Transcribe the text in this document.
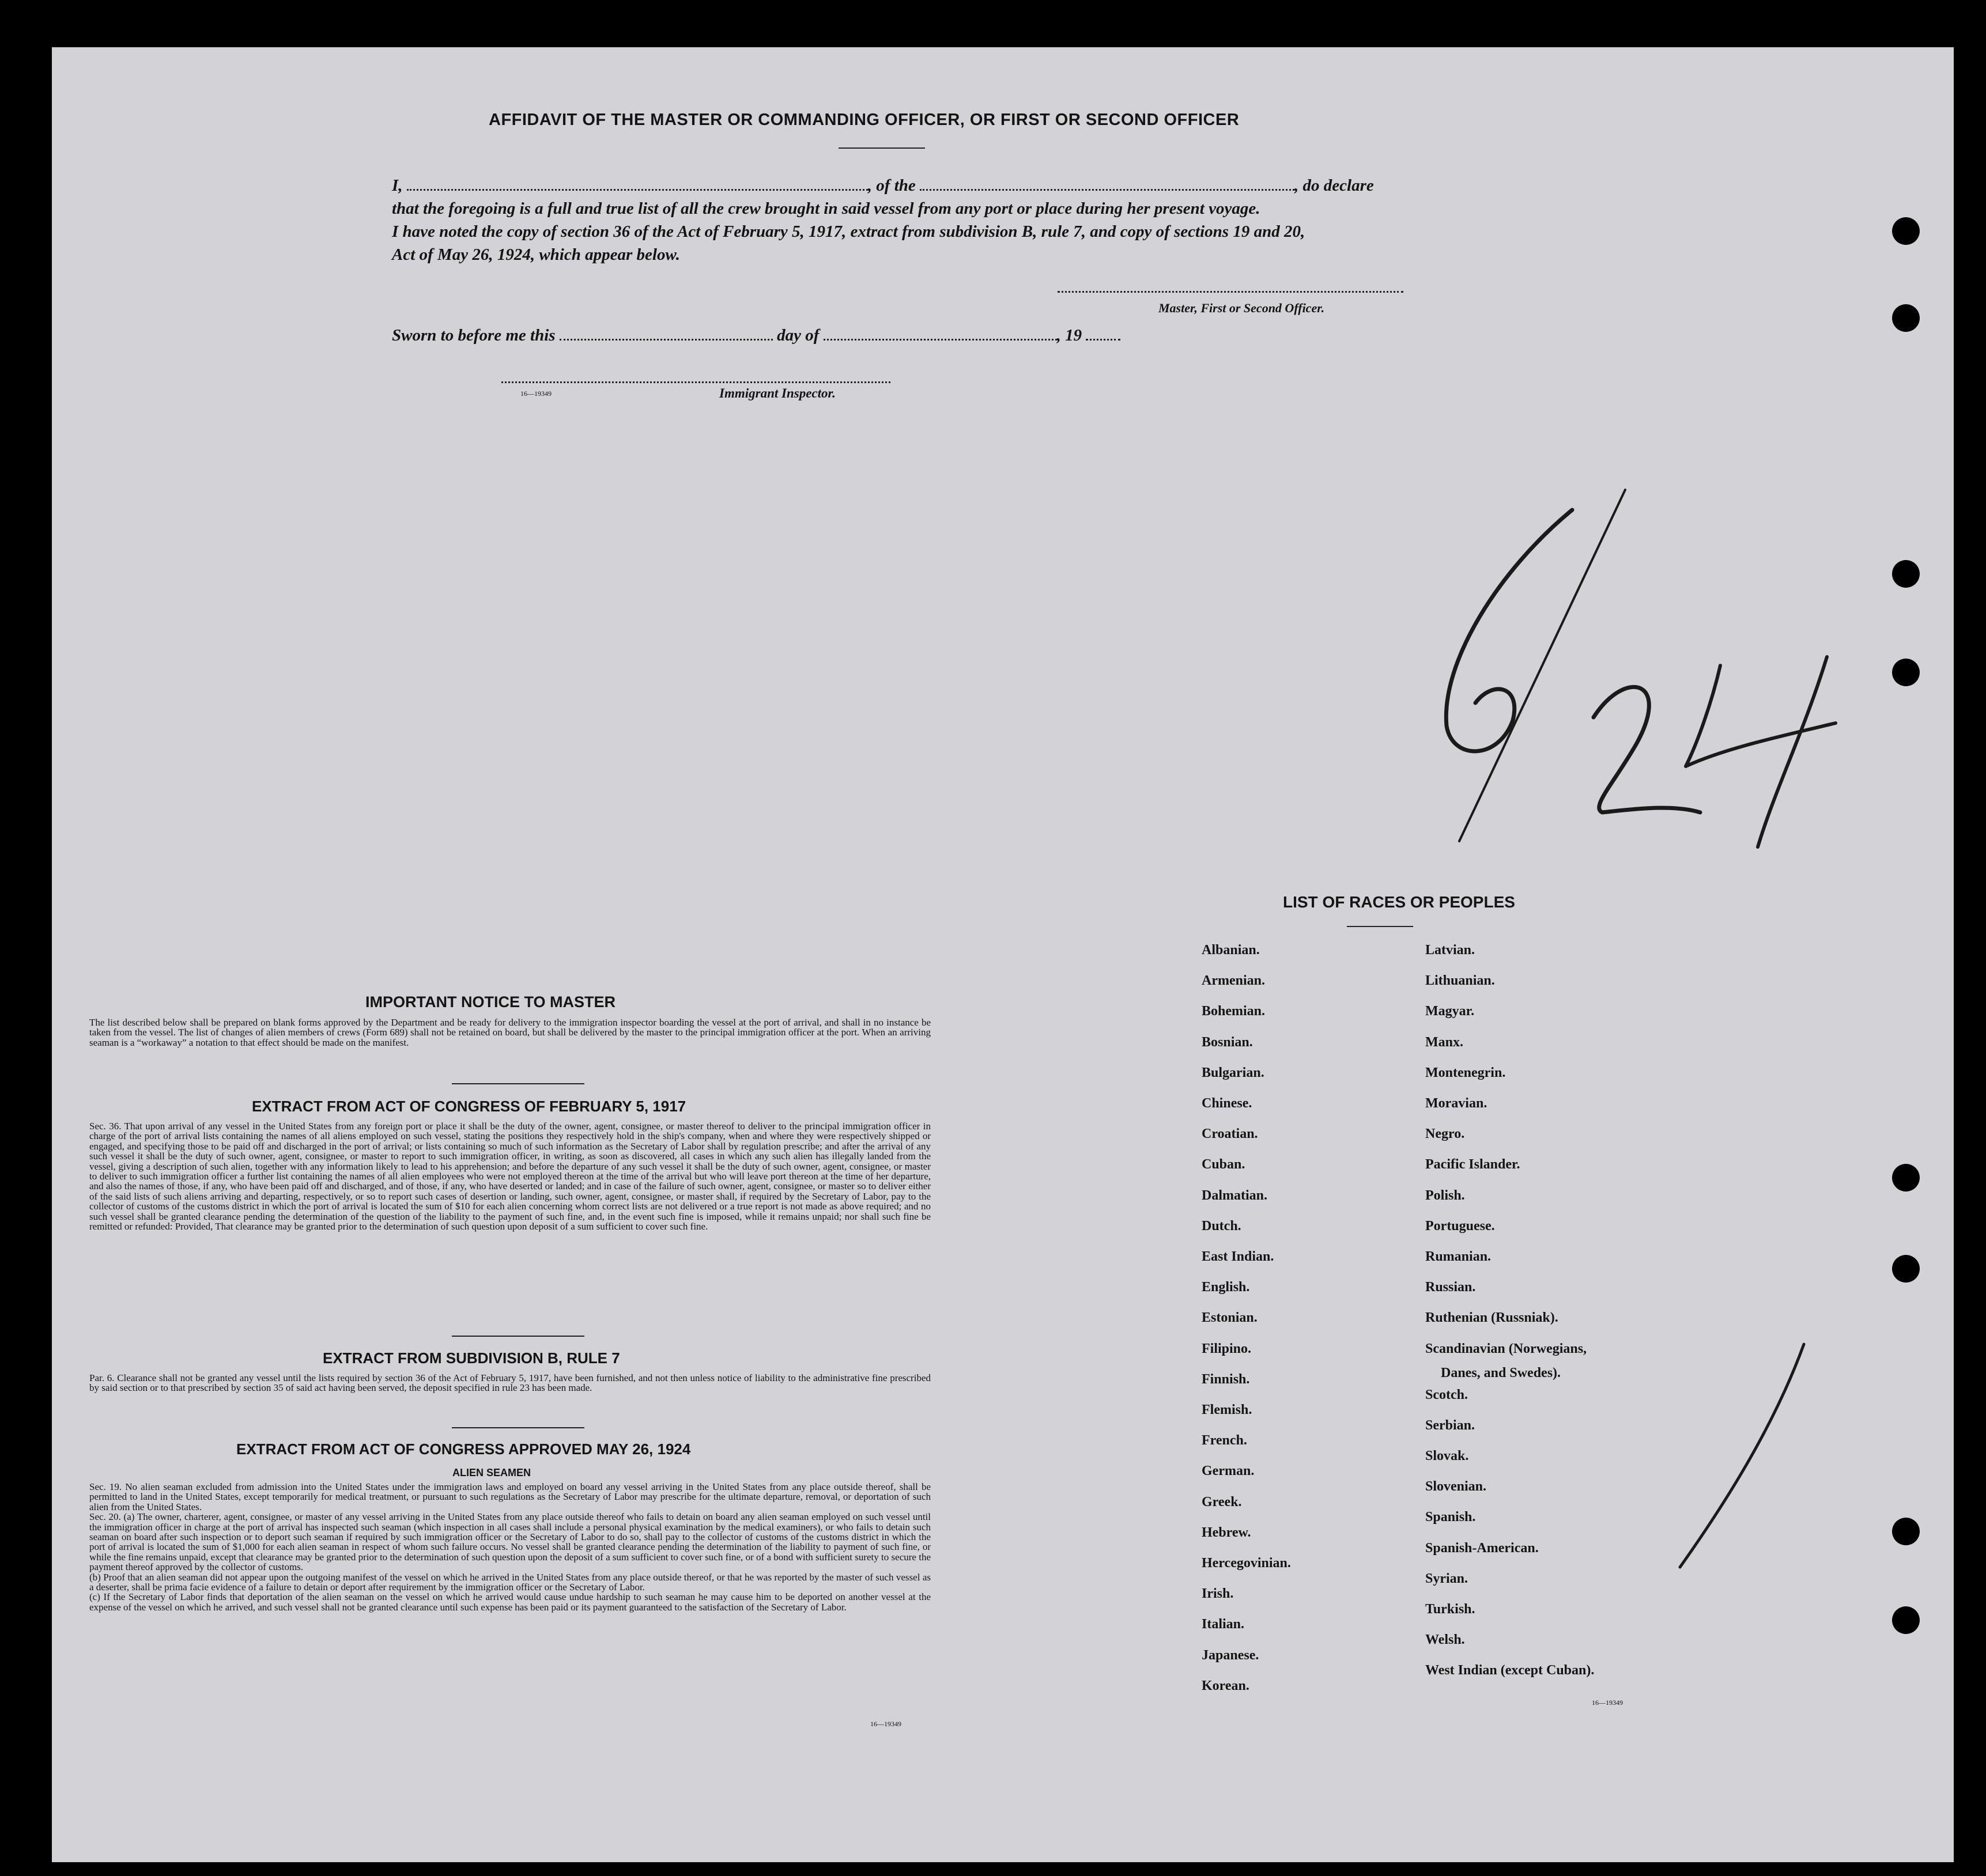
AFFIDAVIT OF THE MASTER OR COMMANDING OFFICER, OR FIRST OR SECOND OFFICER
I,	, of the	, do declare
that the foregoing is a full and true list of all the crew brought in said vessel from any port or place during her present voyage.
I have noted the copy of section 36 of the Act of February 5, 1917, extract from subdivision B, rule 7, and copy of sections 19 and 20,
Act of May 26, 1924, which appear below.
Master, First or Second Officer.
Sworn to before me this	day of	, 19
16—19349	Immigrant Inspector.
IMPORTANT NOTICE TO MASTER
The list described below shall be prepared on blank forms approved by the Department and be ready for delivery to the immigration inspector boarding the vessel at the port of arrival, and shall in no instance be taken from the vessel. The list of changes of alien members of crews (Form 689) shall not be retained on board, but shall be delivered by the master to the principal immigration officer at the port. When an arriving seaman is a “workaway” a notation to that effect should be made on the manifest.
EXTRACT FROM ACT OF CONGRESS OF FEBRUARY 5, 1917
Sec. 36. That upon arrival of any vessel in the United States from any foreign port or place it shall be the duty of the owner, agent, consignee, or master thereof to deliver to the principal immigration officer in charge of the port of arrival lists containing the names of all aliens employed on such vessel, stating the positions they respectively hold in the ship's company, when and where they were respectively shipped or engaged, and specifying those to be paid off and discharged in the port of arrival; or lists containing so much of such information as the Secretary of Labor shall by regulation prescribe; and after the arrival of any such vessel it shall be the duty of such owner, agent, consignee, or master to report to such immigration officer, in writing, as soon as discovered, all cases in which any such alien has illegally landed from the vessel, giving a description of such alien, together with any information likely to lead to his apprehension; and before the departure of any such vessel it shall be the duty of such owner, agent, consignee, or master to deliver to such immigration officer a further list containing the names of all alien employees who were not employed thereon at the time of the arrival but who will leave port thereon at the time of her departure, and also the names of those, if any, who have been paid off and discharged, and of those, if any, who have deserted or landed; and in case of the failure of such owner, agent, consignee, or master so to deliver either of the said lists of such aliens arriving and departing, respectively, or so to report such cases of desertion or landing, such owner, agent, consignee, or master shall, if required by the Secretary of Labor, pay to the collector of customs of the customs district in which the port of arrival is located the sum of $10 for each alien concerning whom correct lists are not delivered or a true report is not made as above required; and no such vessel shall be granted clearance pending the determination of the question of the liability to the payment of such fine, and, in the event such fine is imposed, while it remains unpaid; nor shall such fine be remitted or refunded: Provided, That clearance may be granted prior to the determination of such question upon deposit of a sum sufficient to cover such fine.
EXTRACT FROM SUBDIVISION B, RULE 7
Par. 6. Clearance shall not be granted any vessel until the lists required by section 36 of the Act of February 5, 1917, have been furnished, and not then unless notice of liability to the administrative fine prescribed by said section or to that prescribed by section 35 of said act having been served, the deposit specified in rule 23 has been made.
EXTRACT FROM ACT OF CONGRESS APPROVED MAY 26, 1924
ALIEN SEAMEN
Sec. 19. No alien seaman excluded from admission into the United States under the immigration laws and employed on board any vessel arriving in the United States from any place outside thereof, shall be permitted to land in the United States, except temporarily for medical treatment, or pursuant to such regulations as the Secretary of Labor may prescribe for the ultimate departure, removal, or deportation of such alien from the United States.
Sec. 20. (a) The owner, charterer, agent, consignee, or master of any vessel arriving in the United States from any place outside thereof who fails to detain on board any alien seaman employed on such vessel until the immigration officer in charge at the port of arrival has inspected such seaman (which inspection in all cases shall include a personal physical examination by the medical examiners), or who fails to detain such seaman on board after such inspection or to deport such seaman if required by such immigration officer or the Secretary of Labor to do so, shall pay to the collector of customs of the customs district in which the port of arrival is located the sum of $1,000 for each alien seaman in respect of whom such failure occurs. No vessel shall be granted clearance pending the determination of the liability to payment of such fine, or while the fine remains unpaid, except that clearance may be granted prior to the determination of such question upon the deposit of a sum sufficient to cover such fine, or of a bond with sufficient surety to secure the payment thereof approved by the collector of customs.
(b) Proof that an alien seaman did not appear upon the outgoing manifest of the vessel on which he arrived in the United States from any place outside thereof, or that he was reported by the master of such vessel as a deserter, shall be prima facie evidence of a failure to detain or deport after requirement by the immigration officer or the Secretary of Labor.
(c) If the Secretary of Labor finds that deportation of the alien seaman on the vessel on which he arrived would cause undue hardship to such seaman he may cause him to be deported on another vessel at the expense of the vessel on which he arrived, and such vessel shall not be granted clearance until such expense has been paid or its payment guaranteed to the satisfaction of the Secretary of Labor.
16—19349
LIST OF RACES OR PEOPLES
Albanian.
Armenian.
Bohemian.
Bosnian.
Bulgarian.
Chinese.
Croatian.
Cuban.
Dalmatian.
Dutch.
East Indian.
English.
Estonian.
Filipino.
Finnish.
Flemish.
French.
German.
Greek.
Hebrew.
Hercegovinian.
Irish.
Italian.
Japanese.
Korean.
Latvian.
Lithuanian.
Magyar.
Manx.
Montenegrin.
Moravian.
Negro.
Pacific Islander.
Polish.
Portuguese.
Rumanian.
Russian.
Ruthenian (Russniak).
Scandinavian (Norwegians,
Scotch.
Serbian.
Slovak.
Slovenian.
Spanish.
Spanish-American.
Syrian.
Turkish.
Welsh.
West Indian (except Cuban).
Danes, and Swedes).
16—19349
